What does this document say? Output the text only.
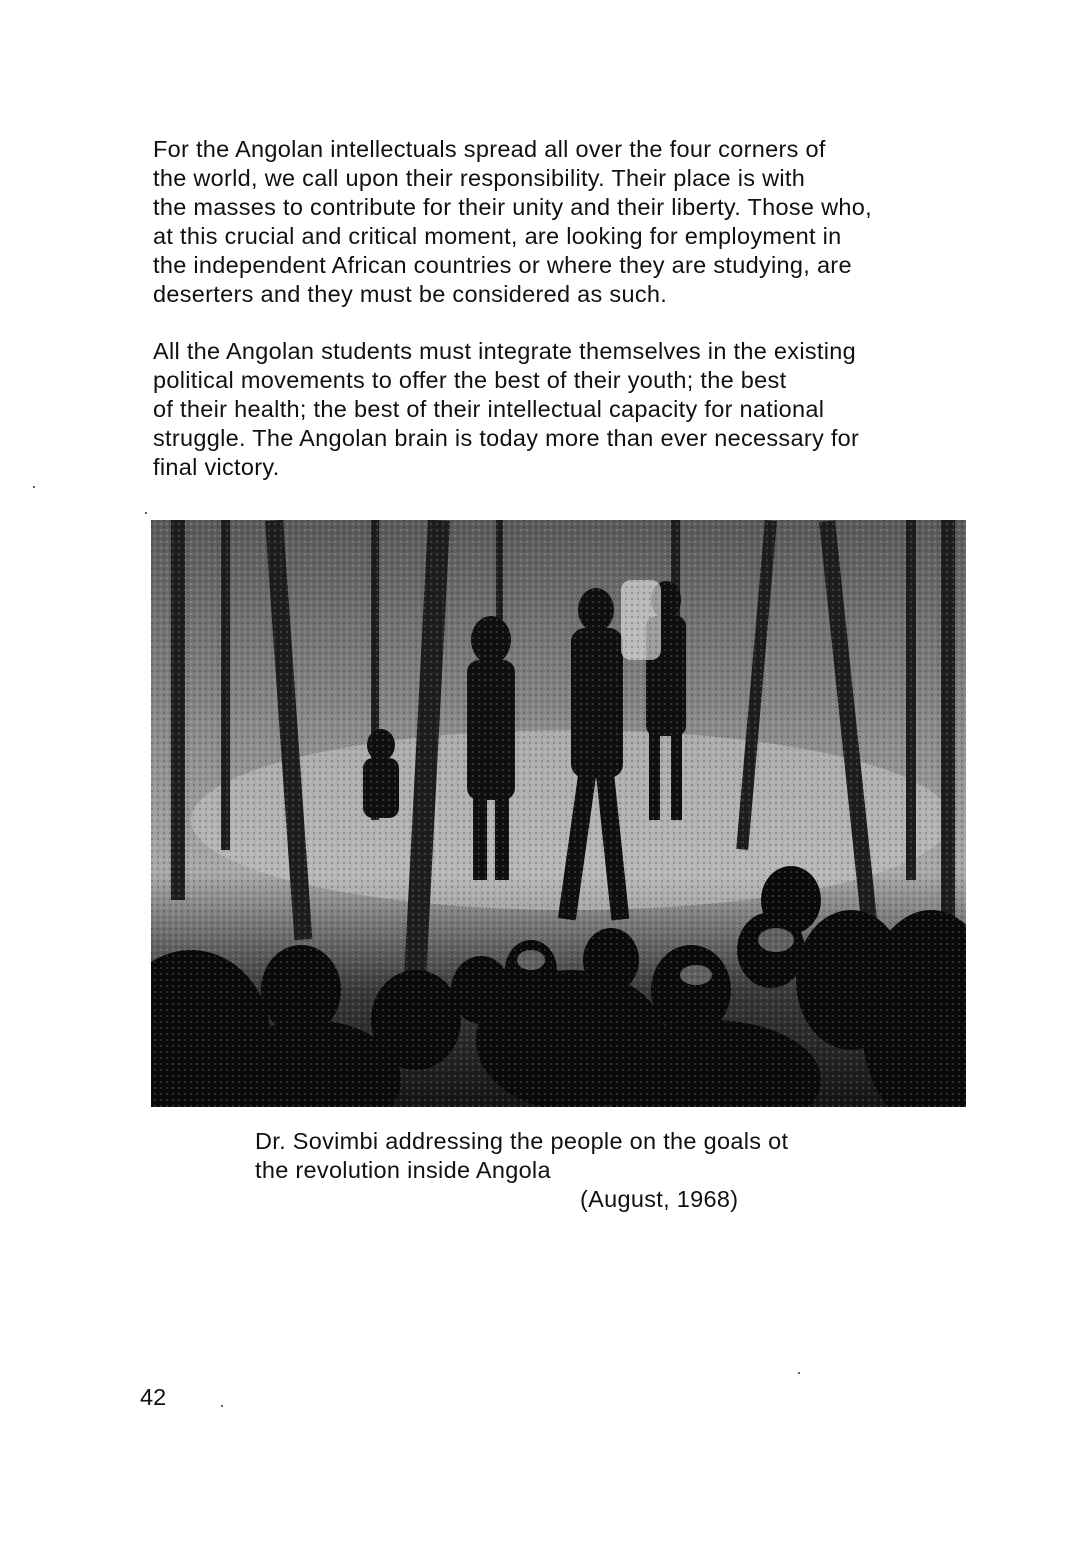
For the Angolan intellectuals spread all over the four corners of
the world, we call upon their responsibility. Their place is with
the masses to contribute for their unity and their liberty. Those who,
at this crucial and critical moment, are looking for employment in
the independent African countries or where they are studying, are
deserters and they must be considered as such.
All the Angolan students must integrate themselves in the existing
political movements to offer the best of their youth; the best
of their health; the best of their intellectual capacity for national
struggle. The Angolan brain is today more than ever necessary for
final victory.
Dr. Sovimbi addressing the people on the goals ot
the revolution inside Angola
(August, 1968)
42
